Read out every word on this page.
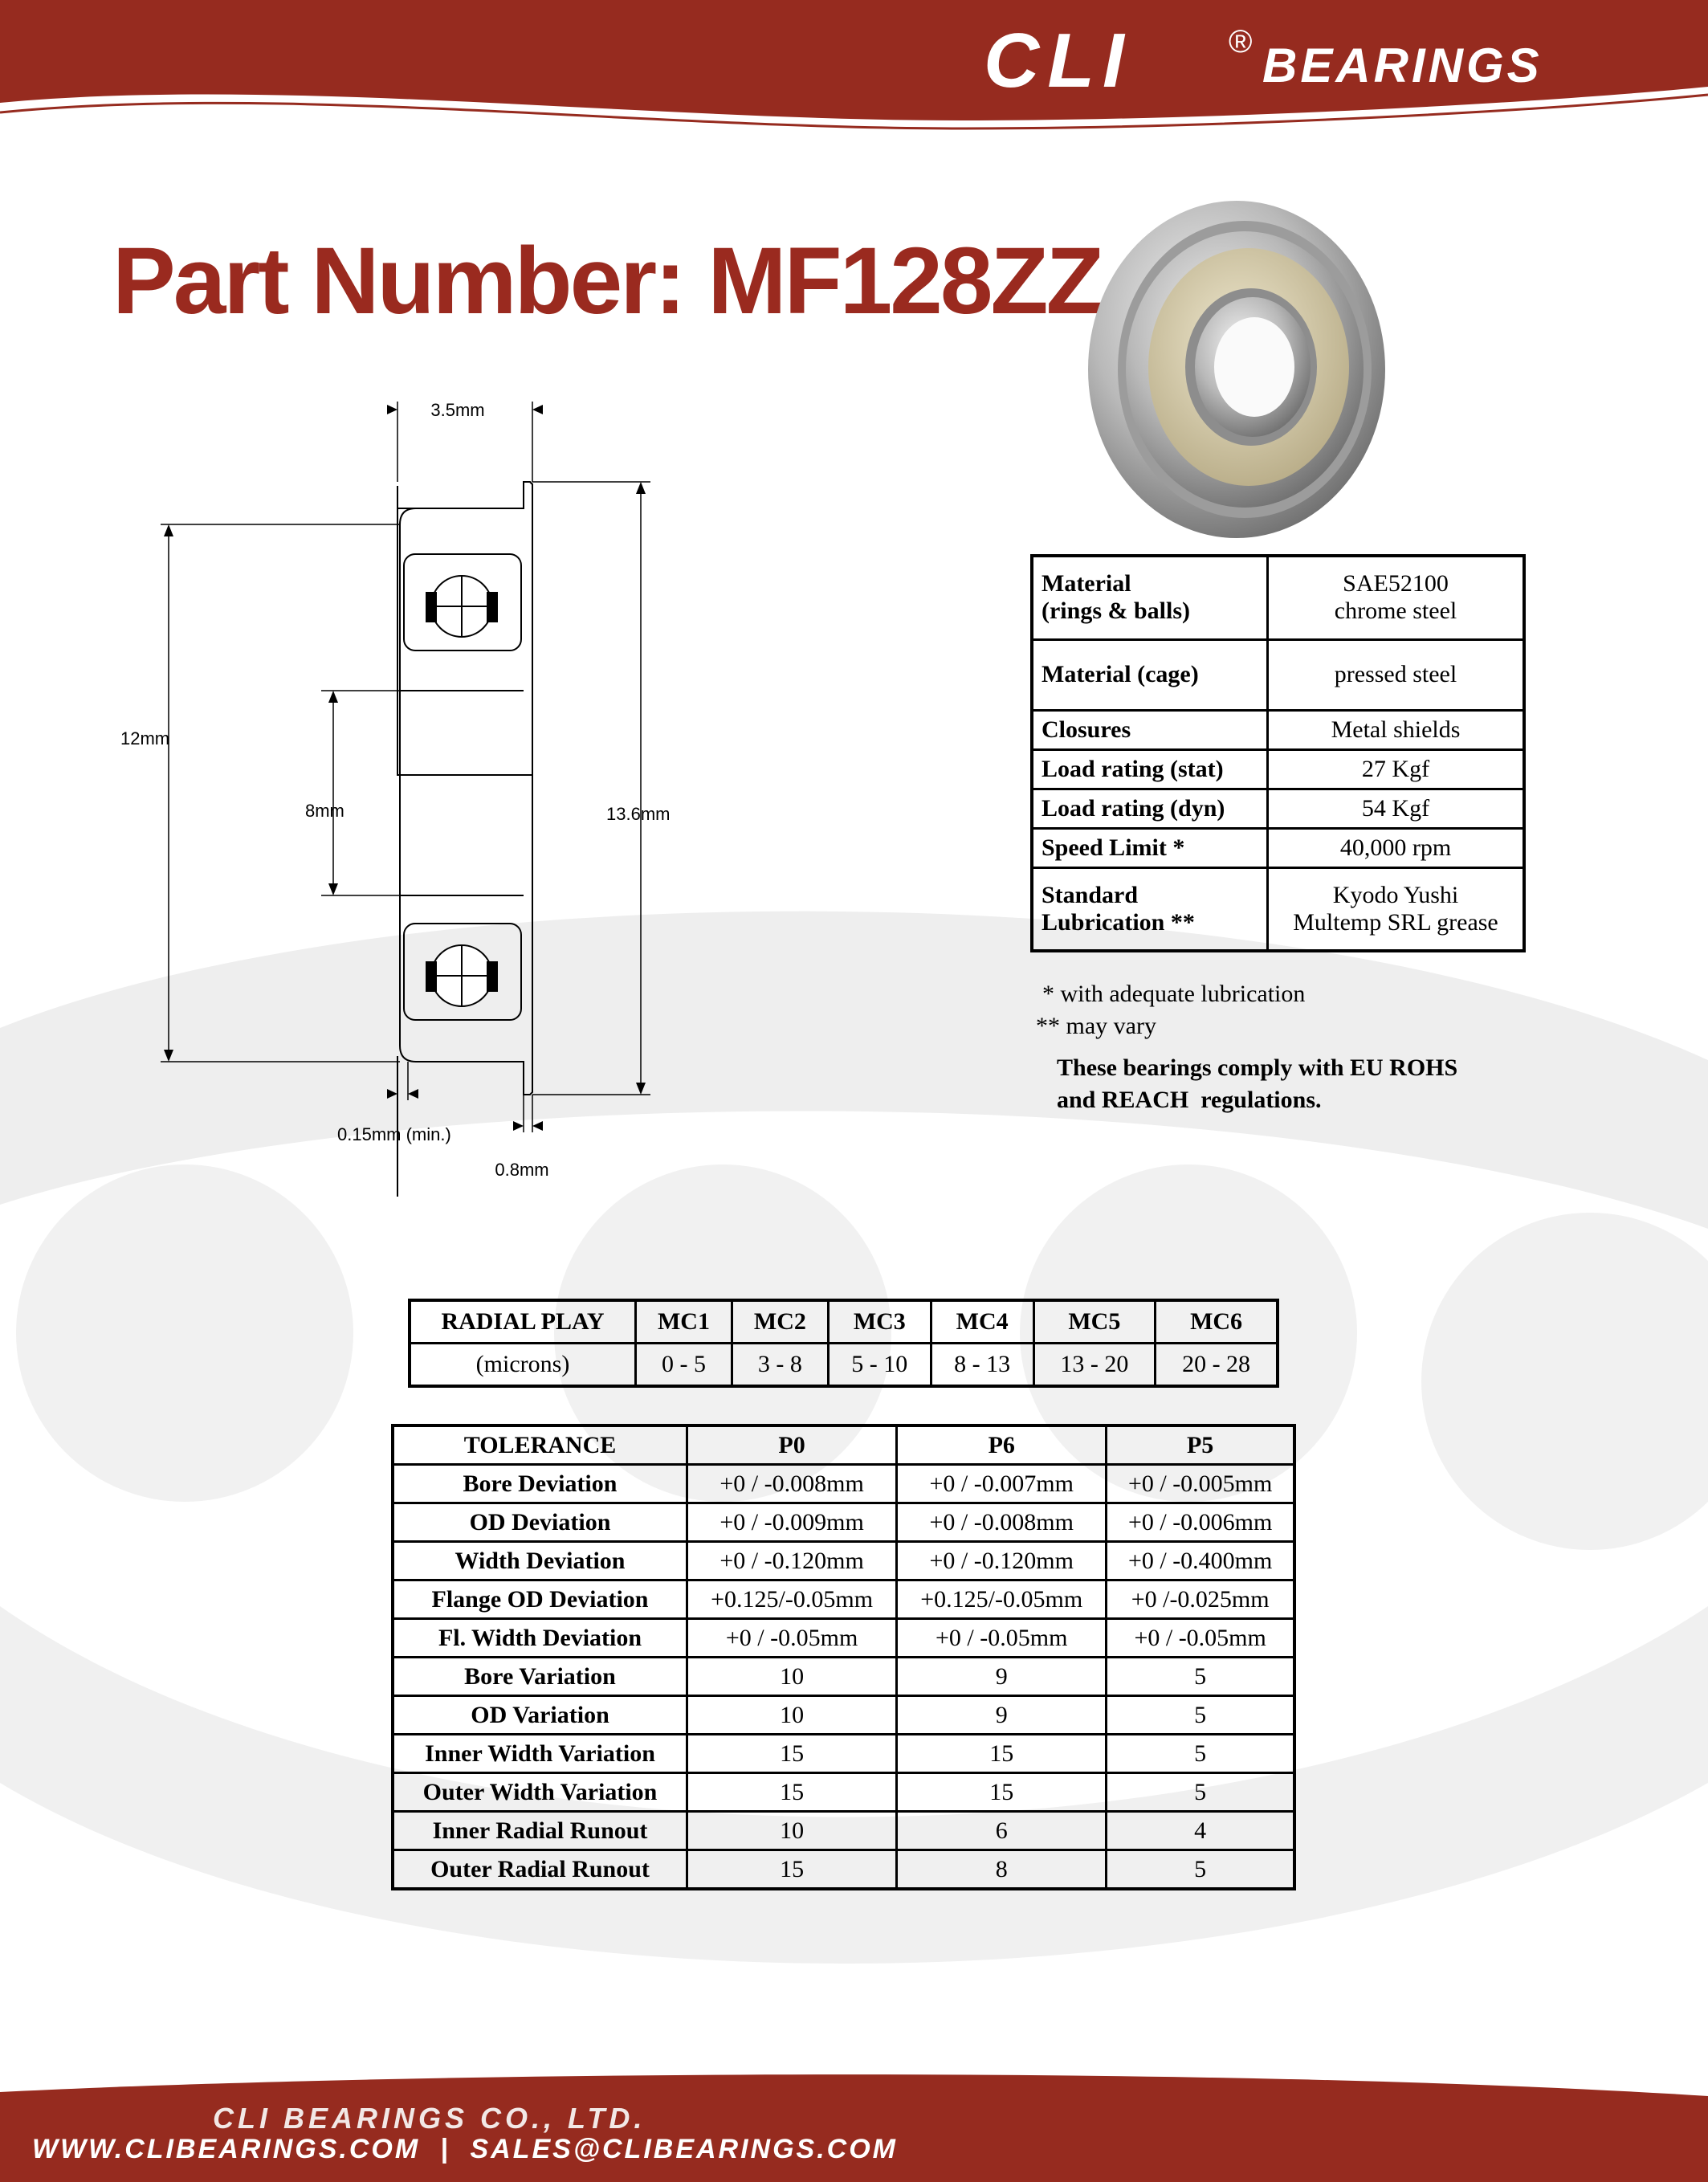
CLI	® BEARINGS
Part Number: MF128ZZ
3.5mm
12mm
8mm	13.6mm
0.15mm (min.)
0.8mm
Material
(rings & balls)	SAE52100
chrome steel
Material (cage)	pressed steel
Closures	Metal shields
Load rating (stat)	27 Kgf
Load rating (dyn)	54 Kgf
Speed Limit *	40,000 rpm
Standard
Lubrication **	Kyodo Yushi
Multemp SRL grease
* with adequate lubrication
** may vary
These bearings comply with EU ROHS
and REACH  regulations.
RADIAL PLAY	MC1	MC2	MC3	MC4	MC5	MC6
(microns)	0 - 5	3 - 8	5 - 10	8 - 13	13 - 20	20 - 28
TOLERANCE	P0	P6	P5
Bore Deviation	+0 / -0.008mm	+0 / -0.007mm	+0 / -0.005mm
OD Deviation	+0 / -0.009mm	+0 / -0.008mm	+0 / -0.006mm
Width Deviation	+0 / -0.120mm	+0 / -0.120mm	+0 / -0.400mm
Flange OD Deviation	+0.125/-0.05mm	+0.125/-0.05mm	+0 /-0.025mm
Fl. Width Deviation	+0 / -0.05mm	+0 / -0.05mm	+0 / -0.05mm
Bore Variation	10	9	5
OD Variation	10	9	5
Inner Width Variation	15	15	5
Outer Width Variation	15	15	5
Inner Radial Runout	10	6	4
Outer Radial Runout	15	8	5
CLI BEARINGS CO., LTD.
WWW.CLIBEARINGS.COM  |  SALES@CLIBEARINGS.COM
